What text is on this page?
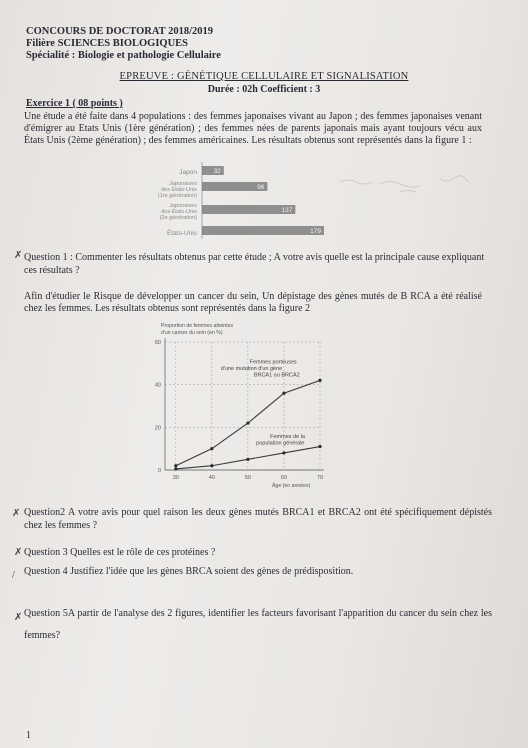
CONCOURS DE DOCTORAT 2018/2019
Filière SCIENCES BIOLOGIQUES
Spécialité : Biologie et pathologie Cellulaire
EPREUVE : GÉNÉTIQUE CELLULAIRE ET SIGNALISATION
Durée : 02h Coefficient : 3
Exercice 1 ( 08 points )
Une étude a été faite dans 4 populations : des femmes japonaises vivant au Japon ; des femmes japonaises venant d'émigrer au Etats Unis (1ère génération) ; des femmes nées de parents japonais mais ayant toujours vécu aux États Unis (2ème génération) ; des femmes américaines. Les résultats obtenus sont représentés dans la figure 1 :
32
96
137
179
Japon
Japonaises
des États-Unis
(1re génération)
Japonaises
des États-Unis
(2e génération)
États-Unis
✗ Question 1 : Commenter les résultats obtenus par cette étude ; A votre avis quelle est la principale cause expliquant ces résultats ?
Afin d'étudier le Risque de développer un cancer du sein, Un dépistage des gènes mutés de B RCA a été réalisé chez les femmes. Les résultats obtenus sont représentés dans la figure 2
0
20
40
60
30	40	50	60	70
Proportion de femmes atteintes
d'un cancer du sein (en %)
Âge (en années)
Femmes porteuses
d'une mutation d'un gène
BRCA1 ou BRCA2
Femmes de la
population générale
✗ Question2 A votre avis pour quel raison les deux gènes mutés BRCA1 et BRCA2 ont été spécifiquement dépistés chez les femmes ?
✗ Question 3 Quelles est le rôle de ces protéines ?
/ Question 4 Justifiez l'idée que les gènes BRCA soient des gènes de prédisposition.
✗ Question 5A partir de l'analyse des 2 figures, identifier les facteurs favorisant l'apparition du cancer du sein chez les femmes?
1
